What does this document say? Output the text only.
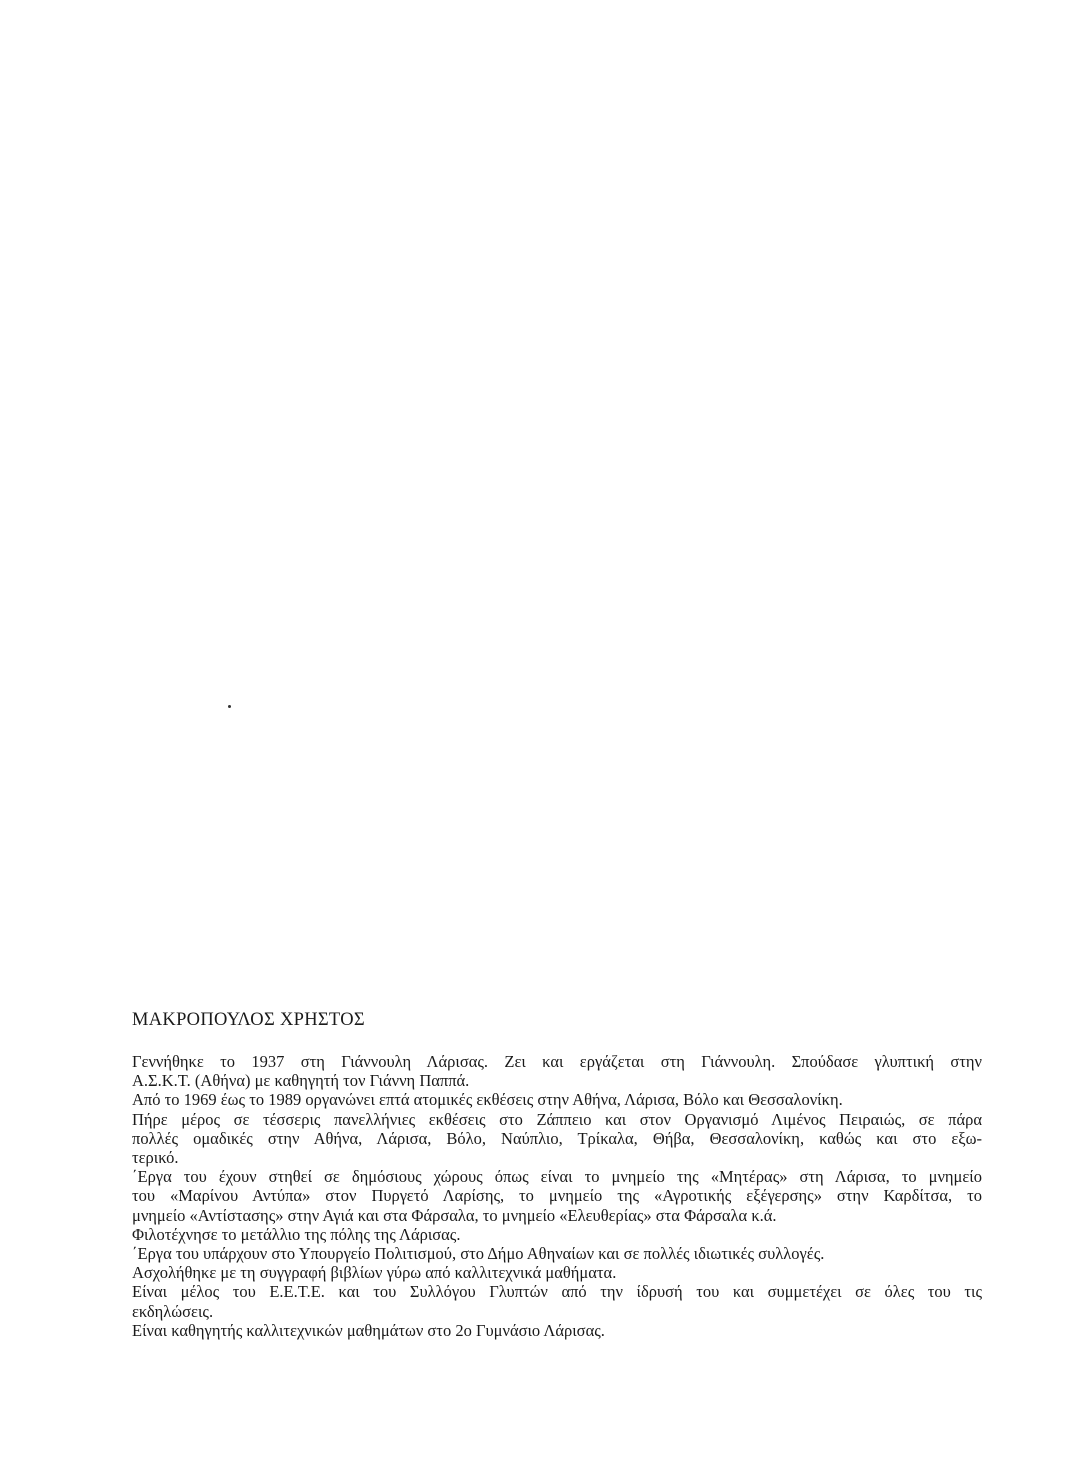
ΜΑΚΡΟΠΟΥΛΟΣ ΧΡΗΣΤΟΣ
Γεννήθηκε το 1937 στη Γιάννουλη Λάρισας. Ζει και εργάζεται στη Γιάννουλη. Σπούδασε γλυπτική στην
Α.Σ.Κ.Τ. (Αθήνα) με καθηγητή τον Γιάννη Παππά.
Από το 1969 έως το 1989 οργανώνει επτά ατομικές εκθέσεις στην Αθήνα, Λάρισα, Βόλο και Θεσσαλονίκη.
Πήρε μέρος σε τέσσερις πανελλήνιες εκθέσεις στο Ζάππειο και στον Οργανισμό Λιμένος Πειραιώς, σε πάρα
πολλές ομαδικές στην Αθήνα, Λάρισα, Βόλο, Ναύπλιο, Τρίκαλα, Θήβα, Θεσσαλονίκη, καθώς και στο εξω-
τερικό.
΄Εργα του έχουν στηθεί σε δημόσιους χώρους όπως είναι το μνημείο της «Μητέρας» στη Λάρισα, το μνημείο
του «Μαρίνου Αντύπα» στον Πυργετό Λαρίσης, το μνημείο της «Αγροτικής εξέγερσης» στην Καρδίτσα, το
μνημείο «Αντίστασης» στην Αγιά και στα Φάρσαλα, το μνημείο «Ελευθερίας» στα Φάρσαλα κ.ά.
Φιλοτέχνησε το μετάλλιο της πόλης της Λάρισας.
΄Εργα του υπάρχουν στο Υπουργείο Πολιτισμού, στο Δήμο Αθηναίων και σε πολλές ιδιωτικές συλλογές.
Ασχολήθηκε με τη συγγραφή βιβλίων γύρω από καλλιτεχνικά μαθήματα.
Είναι μέλος του Ε.Ε.Τ.Ε. και του Συλλόγου Γλυπτών από την ίδρυσή του και συμμετέχει σε όλες του τις
εκδηλώσεις.
Είναι καθηγητής καλλιτεχνικών μαθημάτων στο 2ο Γυμνάσιο Λάρισας.
